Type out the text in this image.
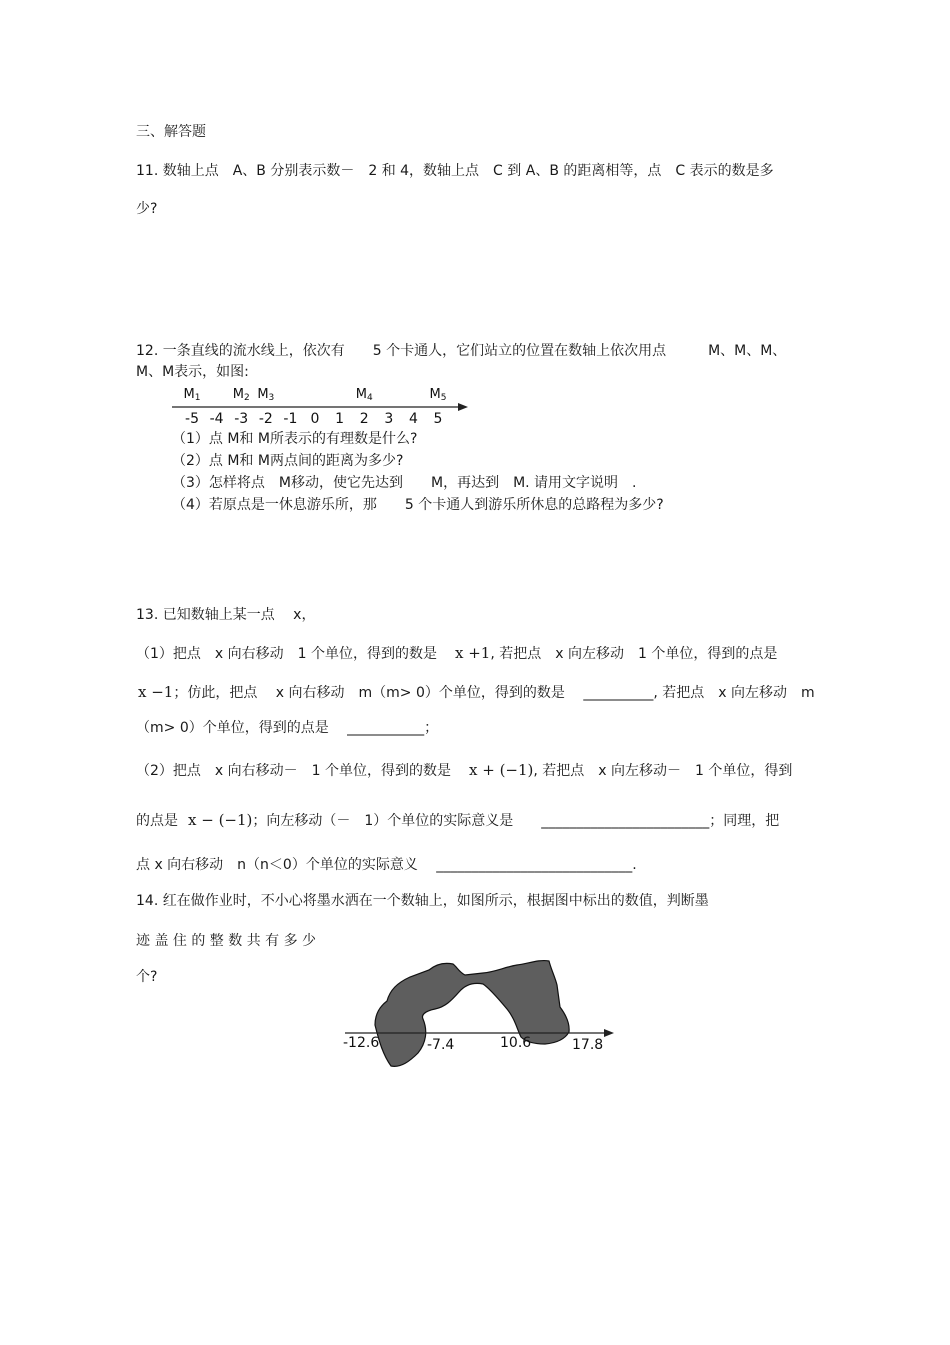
三、解答题
11. 数轴上点　A、B 分别表示数－　2 和 4，数轴上点　C 到 A、B 的距离相等，点　C 表示的数是多
少?
12. 一条直线的流水线上，依次有　　5 个卡通人，它们站立的位置在数轴上依次用点　　　M、M、M、
M、M表示，如图:
-5 -4 -3 -2 -1 0 1 2 3 4 5
M1 M2 M3	M4	M5
（1）点 M和 M所表示的有理数是什么?
（2）点 M和 M两点间的距离为多少?
（3）怎样将点　M移动，使它先达到　　M，再达到　M. 请用文字说明　.
（4）若原点是一休息游乐所，那　　5 个卡通人到游乐所休息的总路程为多少?
13. 已知数轴上某一点　 x，
（1）把点　x 向右移动　1 个单位，得到的数是 x +1, 若把点　x 向左移动　1 个单位，得到的点是
x −1；仿此，把点　 x 向右移动　m（m> 0）个单位，得到的数是　 __________, 若把点　x 向左移动　m
（m> 0）个单位，得到的点是　 ___________；
（2）把点　x 向右移动－　1 个单位，得到的数是 x + (−1), 若把点　x 向左移动－　1 个单位，得到
的点是 x − (−1)；向左移动（－　1）个单位的实际意义是　　________________________；同理，把
点 x 向右移动　n（n＜0）个单位的实际意义　 ____________________________.
14. 红在做作业时，不小心将墨水洒在一个数轴上，如图所示，根据图中标出的数值，判断墨
迹 盖 住 的 整 数 共 有 多 少
个?
-12.6	-7.4	10.6	17.8
